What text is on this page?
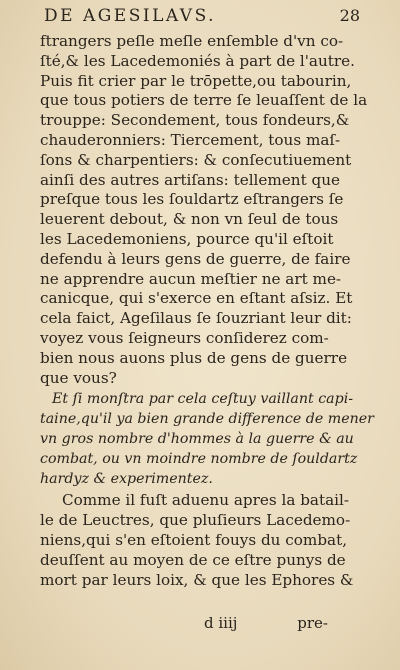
DE AGESILAVS.	28
ftrangers peſle meſle enſemble d'vn co-
ſté,& les Lacedemoniés à part de l'autre.
Puis fit crier par le trōpette,ou tabourin,
que tous potiers de terre ſe leuaſſent de la
trouppe: Secondement, tous fondeurs,&
chauderonniers: Tiercement, tous maſ-
ſons & charpentiers: & conſecutiuement
ainſi des autres artiſans: tellement que
preſque tous les ſouldartz eſtrangers ſe
leuerent debout, & non vn ſeul de tous
les Lacedemoniens, pource qu'il eſtoit
defendu à leurs gens de guerre, de faire
ne apprendre aucun meſtier ne art me-
canicque, qui s'exerce en eſtant aſsiz. Et
cela faict, Ageſilaus ſe ſouzriant leur dit:
voyez vous ſeigneurs conſiderez com-
bien nous auons plus de gens de guerre
que vous?
Et ſi monſtra par cela ceſtuy vaillant capi-
taine,qu'il ya bien grande difference de mener
vn gros nombre d'hommes à la guerre & au
combat, ou vn moindre nombre de ſouldartz
hardyz & experimentez.
Comme il fuſt aduenu apres la batail-
le de Leuctres, que pluſieurs Lacedemo-
niens,qui s'en eſtoient fouys du combat,
deuſſent au moyen de ce eſtre punys de
mort par leurs loix, & que les Ephores &
d iiij	pre-
